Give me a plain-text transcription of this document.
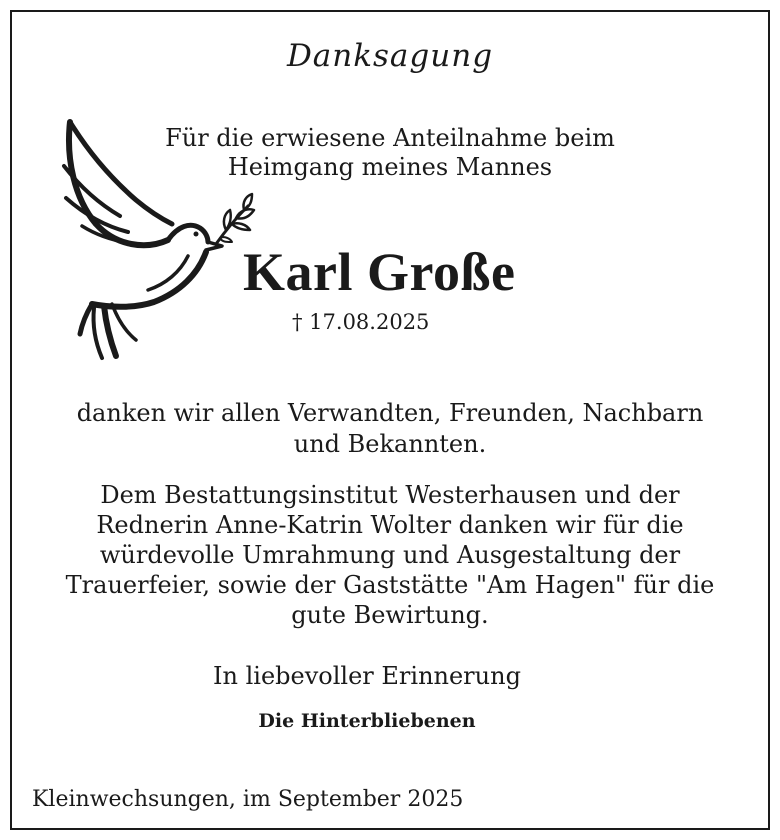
Danksagung
Für die erwiesene Anteilnahme beim
Heimgang meines Mannes
Karl Große
† 17.08.2025
danken wir allen Verwandten, Freunden, Nachbarn
und Bekannten.
Dem Bestattungsinstitut Westerhausen und der
Rednerin Anne-Katrin Wolter danken wir für die
würdevolle Umrahmung und Ausgestaltung der
Trauerfeier, sowie der Gaststätte "Am Hagen" für die
gute Bewirtung.
In liebevoller Erinnerung
Die Hinterbliebenen
Kleinwechsungen, im September 2025
